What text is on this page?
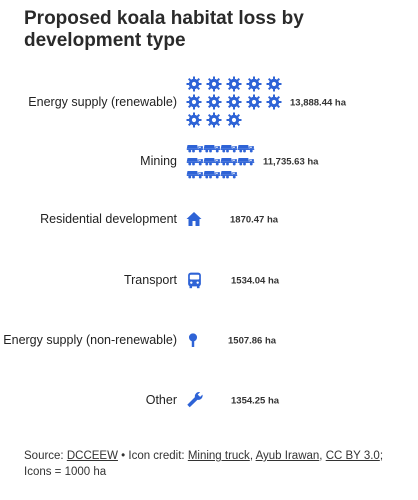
Proposed koala habitat loss by development type
Energy supply (renewable)	13,888.44 ha
Mining	11,735.63 ha
Residential development	1870.47 ha
Transport	1534.04 ha
Energy supply (non-renewable)	1507.86 ha
Other	1354.25 ha
Source: DCCEEW • Icon credit: Mining truck, Ayub Irawan, CC BY 3.0; Icons = 1000 ha
